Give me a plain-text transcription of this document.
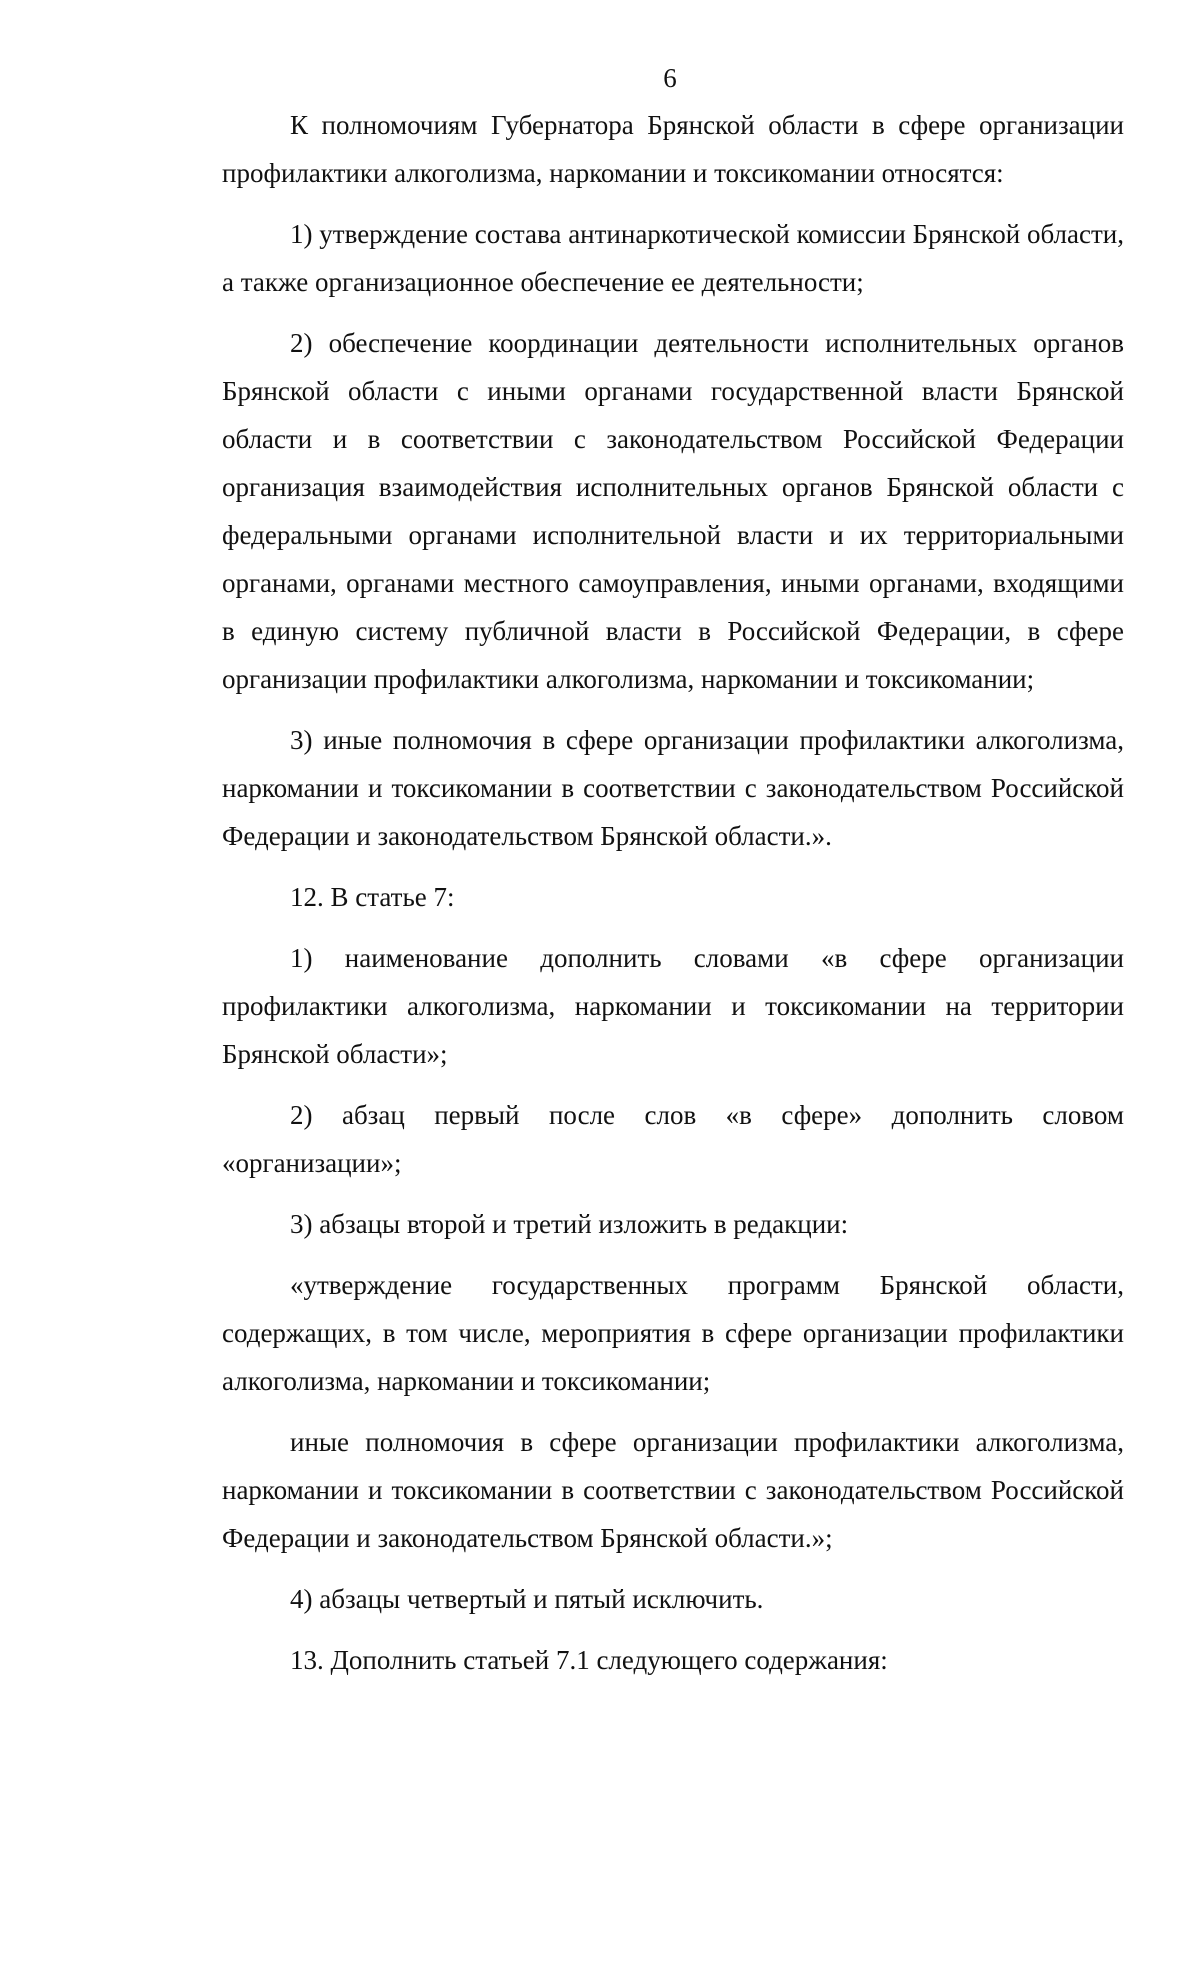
6

К полномочиям Губернатора Брянской области в сфере организации профилактики алкоголизма, наркомании и токсикомании относятся:

1) утверждение состава антинаркотической комиссии Брянской области, а также организационное обеспечение ее деятельности;

2) обеспечение координации деятельности исполнительных органов Брянской области с иными органами государственной власти Брянской области и в соответствии с законодательством Российской Федерации организация взаимодействия исполнительных органов Брянской области с федеральными органами исполнительной власти и их территориальными органами, органами местного самоуправления, иными органами, входящими в единую систему публичной власти в Российской Федерации, в сфере организации профилактики алкоголизма, наркомании и токсикомании;

3) иные полномочия в сфере организации профилактики алкоголизма, наркомании и токсикомании в соответствии с законодательством Российской Федерации и законодательством Брянской области.».

12. В статье 7:

1) наименование дополнить словами «в сфере организации профилактики алкоголизма, наркомании и токсикомании на территории Брянской области»;

2) абзац первый после слов «в сфере» дополнить словом «организации»;

3) абзацы второй и третий изложить в редакции:

«утверждение государственных программ Брянской области, содержащих, в том числе, мероприятия в сфере организации профилактики алкоголизма, наркомании и токсикомании;

иные полномочия в сфере организации профилактики алкоголизма, наркомании и токсикомании в соответствии с законодательством Российской Федерации и законодательством Брянской области.»;

4) абзацы четвертый и пятый исключить.

13. Дополнить статьей 7.1 следующего содержания:
